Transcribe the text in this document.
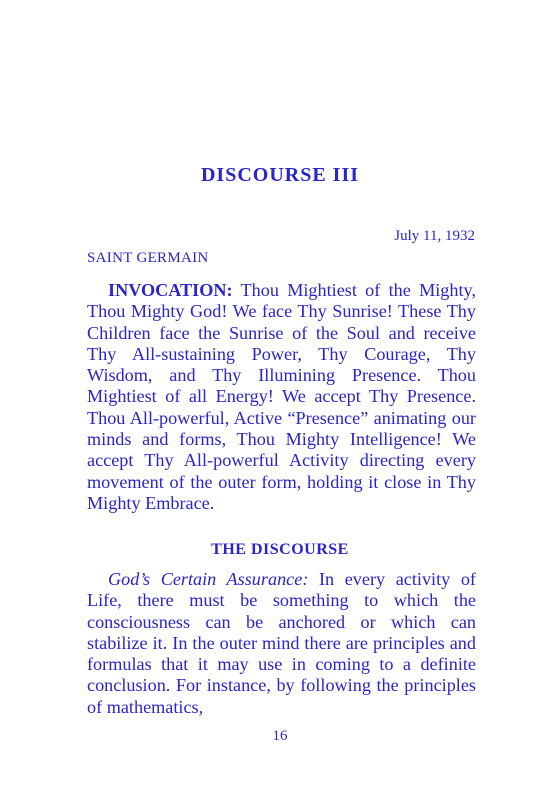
DISCOURSE III
July 11, 1932
SAINT GERMAIN

INVOCATION: Thou Mightiest of the Mighty, Thou Mighty God! We face Thy Sunrise! These Thy Children face the Sunrise of the Soul and receive Thy All-sustaining Power, Thy Courage, Thy Wisdom, and Thy Illumining Presence. Thou Mightiest of all Energy! We accept Thy Presence. Thou All-powerful, Active “Presence” animating our minds and forms, Thou Mighty Intelligence! We accept Thy All-powerful Activity directing every movement of the outer form, holding it close in Thy Mighty Embrace.

THE DISCOURSE

God’s Certain Assurance: In every activity of Life, there must be something to which the consciousness can be anchored or which can stabilize it. In the outer mind there are principles and formulas that it may use in coming to a definite conclusion. For instance, by following the principles of mathematics,

16
